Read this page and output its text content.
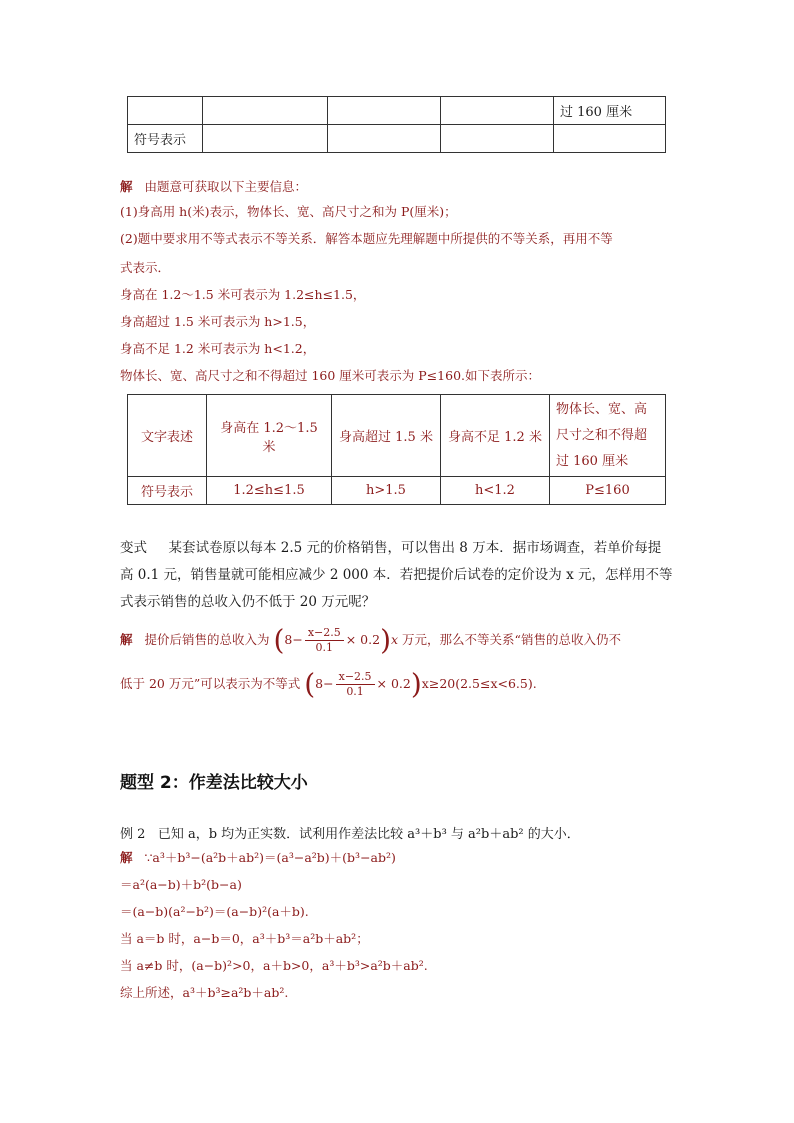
				过 160 厘米
符号表示				
解 由题意可获取以下主要信息：
(1)身高用 h(米)表示，物体长、宽、高尺寸之和为 P(厘米)；
(2)题中要求用不等式表示不等关系．解答本题应先理解题中所提供的不等关系，再用不等
式表示．
身高在 1.2～1.5 米可表示为 1.2≤h≤1.5，
身高超过 1.5 米可表示为 h>1.5，
身高不足 1.2 米可表示为 h<1.2，
物体长、宽、高尺寸之和不得超过 160 厘米可表示为 P≤160.如下表所示：
文字表述	身高在 1.2～1.5 米	身高超过 1.5 米	身高不足 1.2 米	物体长、宽、高尺寸之和不得超过 160 厘米
符号表示	1.2≤h≤1.5	h>1.5	h<1.2	P≤160
变式 某套试卷原以每本 2.5 元的价格销售，可以售出 8 万本．据市场调查，若单价每提
高 0.1 元，销售量就可能相应减少 2 000 本．若把提价后试卷的定价设为 x 元，怎样用不等
式表示销售的总收入仍不低于 20 万元呢？
解 提价后销售的总收入为 $(8- \frac{x-2.5}{0.1} \times 0.2)x$ 万元，那么不等关系“销售的总收入仍不
低于 20 万元”可以表示为不等式 $(8- \frac{x-2.5}{0.1} \times 0.2)x\ge 20(2.5\le x<6.5)$.
题型 2：作差法比较大小
例 2 已知 a，b 均为正实数．试利用作差法比较 a³＋b³ 与 a²b＋ab² 的大小．
解 ∵a³＋b³−(a²b＋ab²)＝(a³−a²b)＋(b³−ab²)
＝a²(a−b)＋b²(b−a)
＝(a−b)(a²−b²)＝(a−b)²(a＋b).
当 a＝b 时，a−b＝0，a³＋b³＝a²b＋ab²；
当 a≠b 时，(a−b)²>0，a＋b>0，a³＋b³>a²b＋ab².
综上所述，a³＋b³≥a²b＋ab².
